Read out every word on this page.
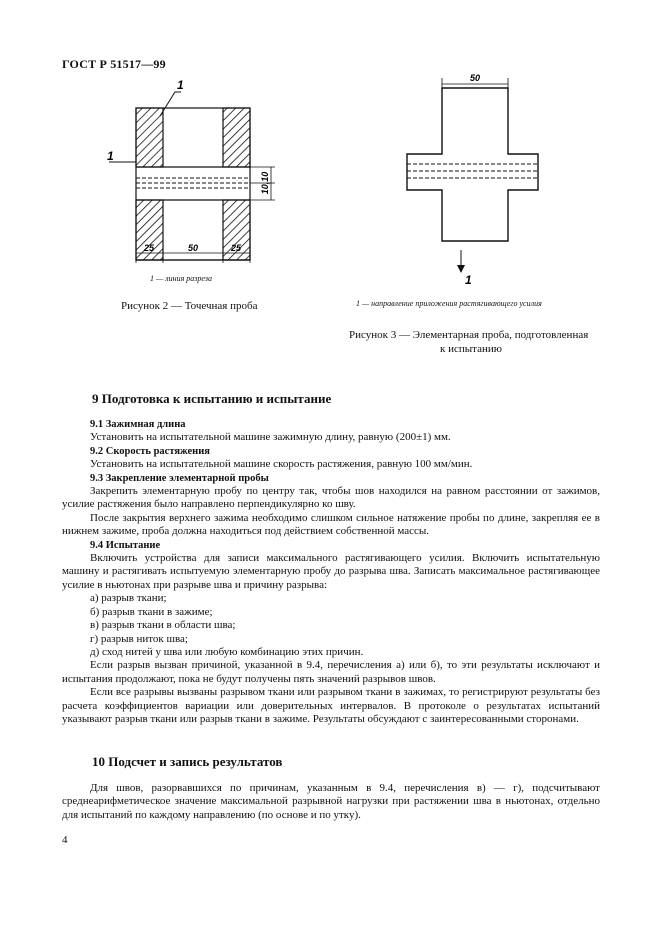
ГОСТ Р 51517—99
10,10
1
1
25	50	25
1 — линия разреза
Рисунок 2 — Точечная проба
50
1
1 — направление приложения растягивающего усилия
Рисунок 3 — Элементарная проба, подготовленная
к испытанию
9 Подготовка к испытанию и испытание

9.1 Зажимная длина

Установить на испытательной машине зажимную длину, равную (200±1) мм.

9.2 Скорость растяжения

Установить на испытательной машине скорость растяжения, равную 100 мм/мин.

9.3 Закрепление элементарной пробы

Закрепить элементарную пробу по центру так, чтобы шов находился на равном расстоянии от зажимов, усилие растяжения было направлено перпендикулярно ко шву.

После закрытия верхнего зажима необходимо слишком сильное натяжение пробы по длине, закрепляя ее в нижнем зажиме, проба должна находиться под действием собственной массы.

9.4 Испытание

Включить устройства для записи максимального растягивающего усилия. Включить испытательную машину и растягивать испытуемую элементарную пробу до разрыва шва. Записать максимальное растягивающее усилие в ньютонах при разрыве шва и причину разрыва:

а) разрыв ткани;

б) разрыв ткани в зажиме;

в) разрыв ткани в области шва;

г) разрыв ниток шва;

д) сход нитей у шва или любую комбинацию этих причин.

Если разрыв вызван причиной, указанной в 9.4, перечисления а) или б), то эти результаты исключают и испытания продолжают, пока не будут получены пять значений разрывов швов.

Если все разрывы вызваны разрывом ткани или разрывом ткани в зажимах, то регистрируют результаты без расчета коэффициентов вариации или доверительных интервалов. В протоколе о результатах испытаний указывают разрыв ткани или разрыв ткани в зажиме. Результаты обсуждают с заинтересованными сторонами.

10 Подсчет и запись результатов

Для швов, разорвавшихся по причинам, указанным в 9.4, перечисления в) — г), подсчитывают среднеарифметическое значение максимальной разрывной нагрузки при растяжении шва в ньютонах, отдельно для испытаний по каждому направлению (по основе и по утку).

4
